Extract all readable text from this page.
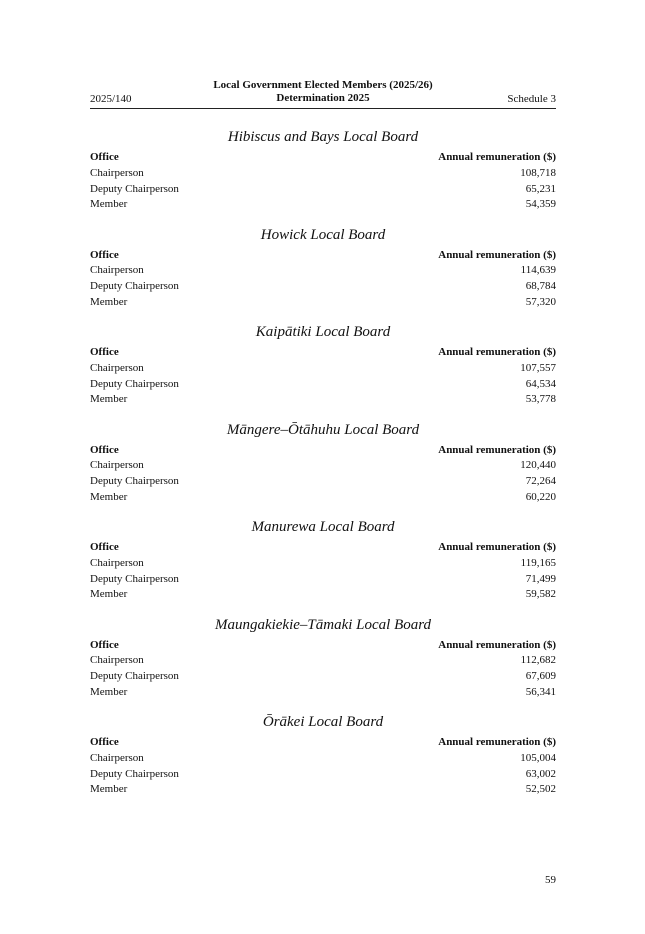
2025/140
Local Government Elected Members (2025/26)
Determination 2025	Schedule 3
Hibiscus and Bays Local Board
Office	Annual remuneration ($)
Chairperson	108,718
Deputy Chairperson	65,231
Member	54,359
Howick Local Board
Office	Annual remuneration ($)
Chairperson	114,639
Deputy Chairperson	68,784
Member	57,320
Kaipātiki Local Board
Office	Annual remuneration ($)
Chairperson	107,557
Deputy Chairperson	64,534
Member	53,778
Māngere–Ōtāhuhu Local Board
Office	Annual remuneration ($)
Chairperson	120,440
Deputy Chairperson	72,264
Member	60,220
Manurewa Local Board
Office	Annual remuneration ($)
Chairperson	119,165
Deputy Chairperson	71,499
Member	59,582
Maungakiekie–Tāmaki Local Board
Office	Annual remuneration ($)
Chairperson	112,682
Deputy Chairperson	67,609
Member	56,341
Ōrākei Local Board
Office	Annual remuneration ($)
Chairperson	105,004
Deputy Chairperson	63,002
Member	52,502
59
